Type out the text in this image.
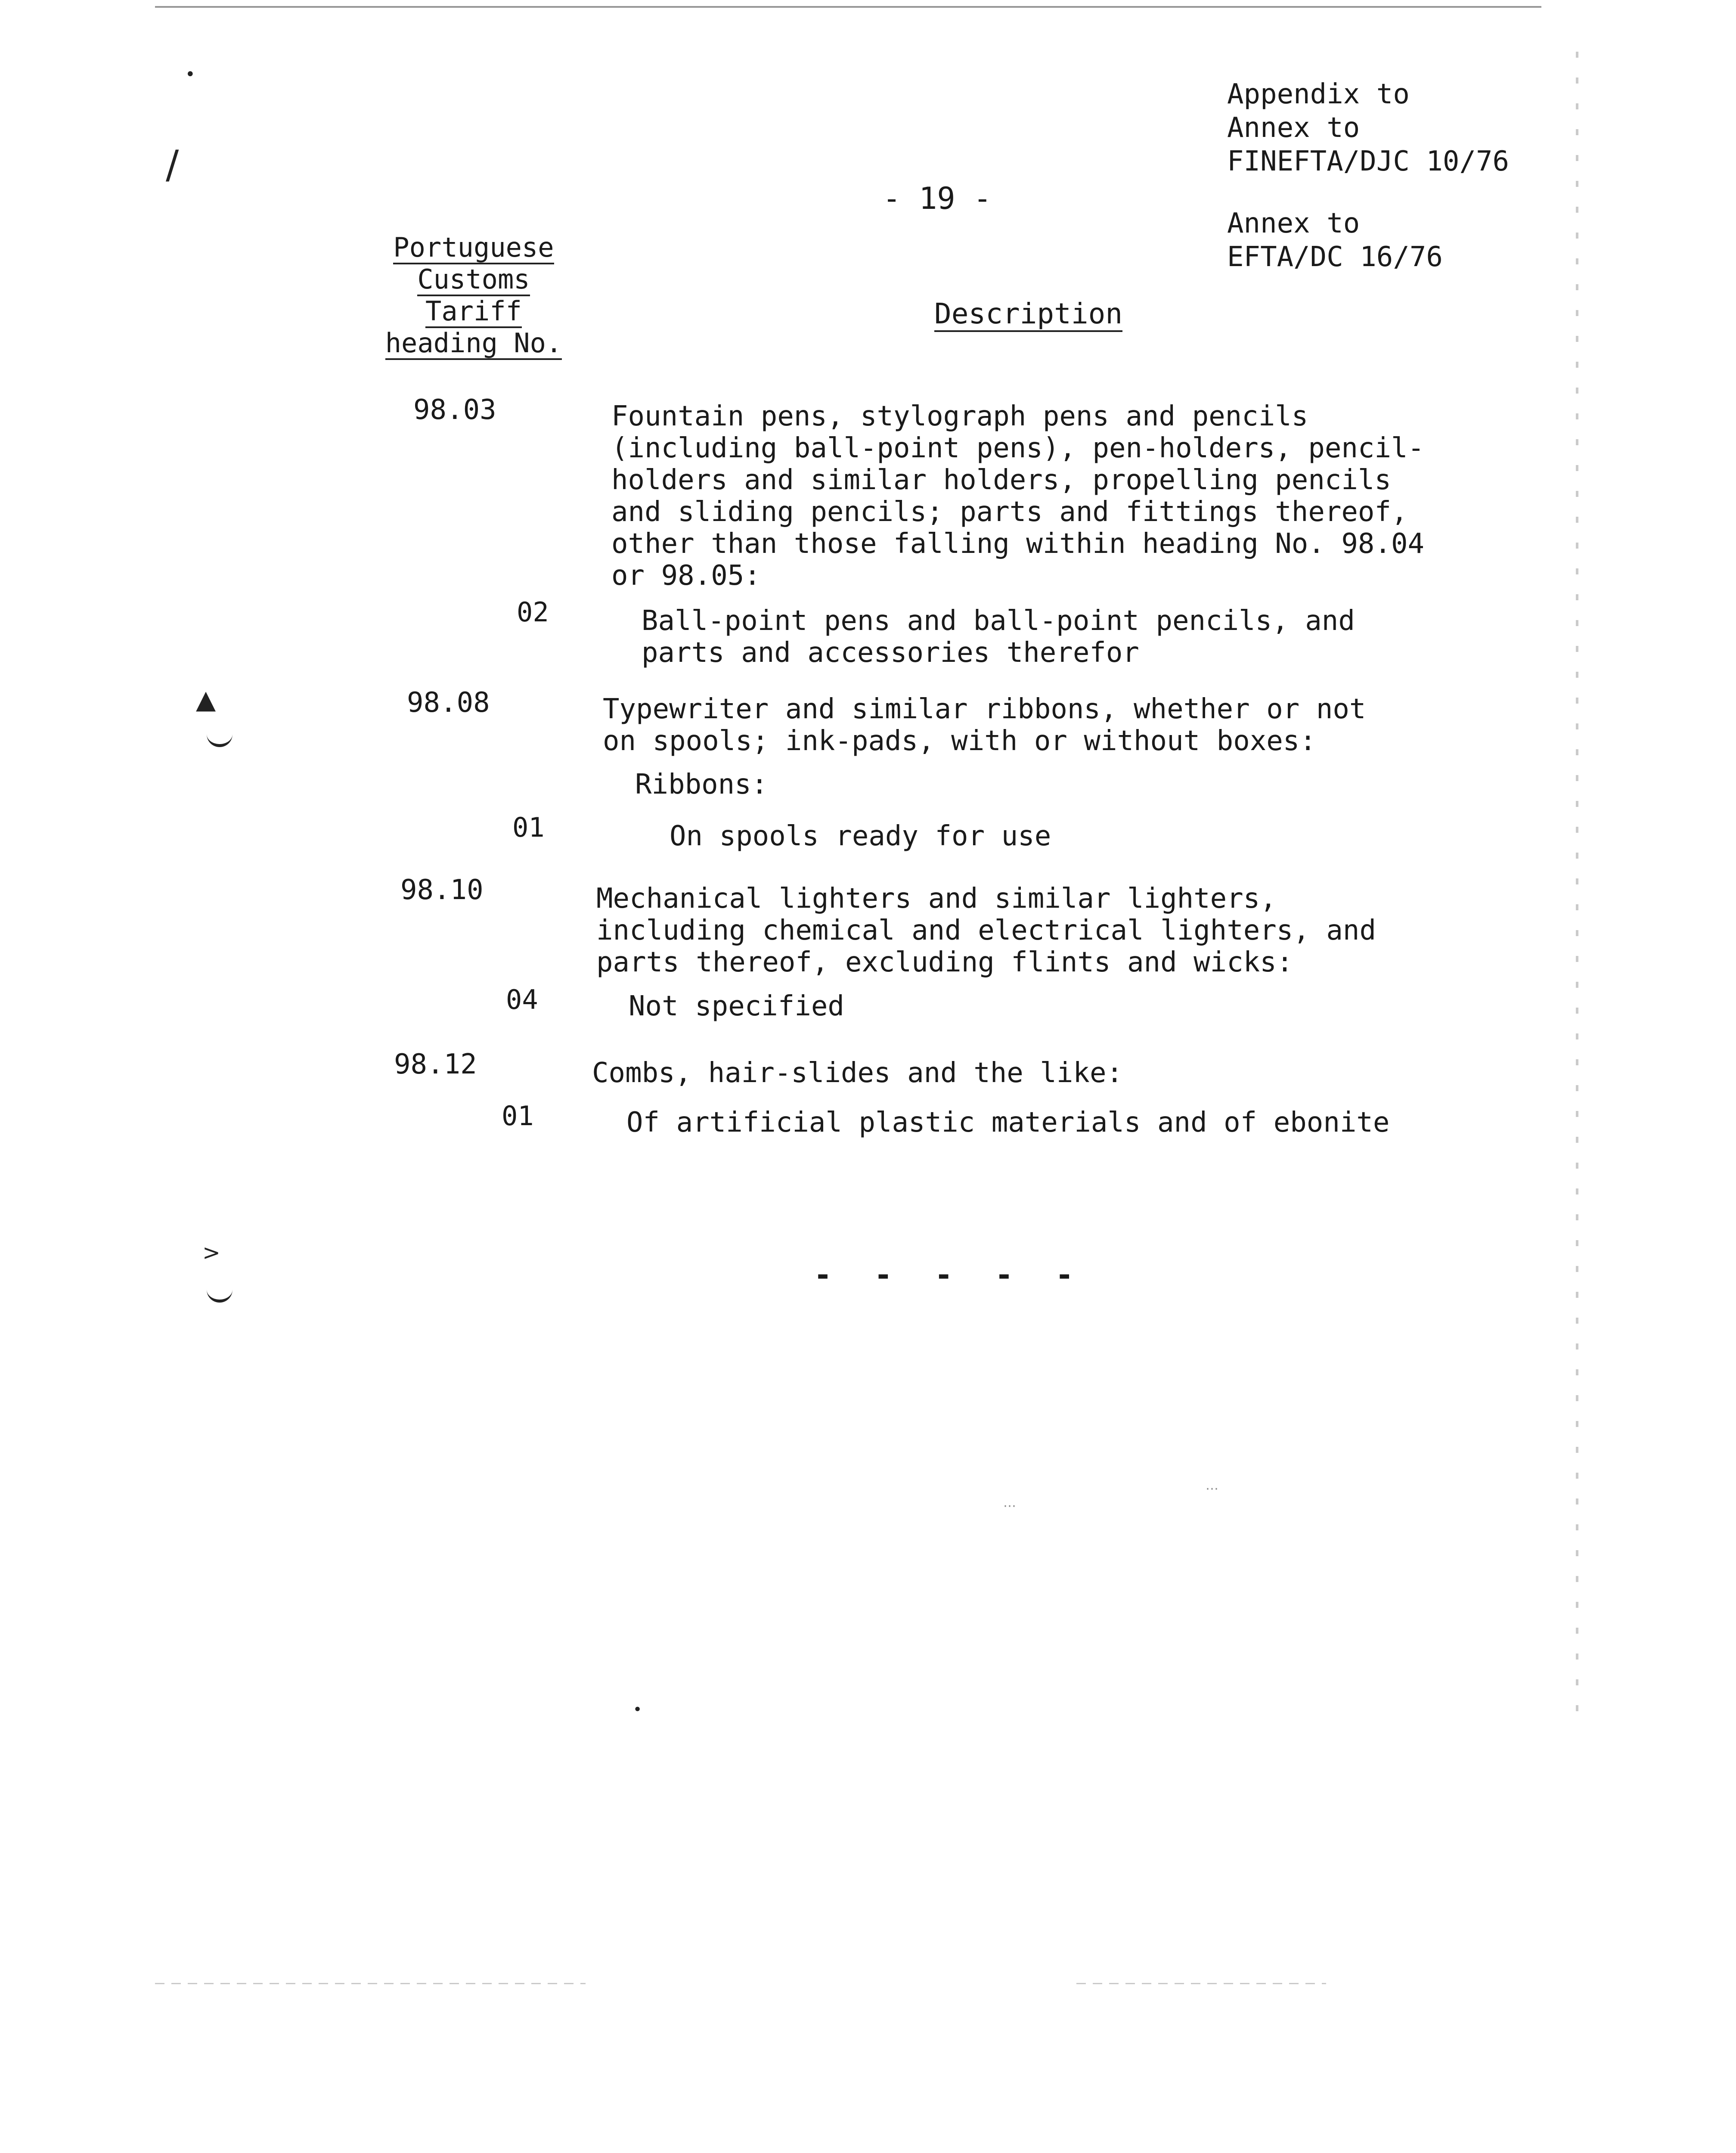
•
/
▲
>
Appendix to
Annex to
FINEFTA/DJC 10/76
Annex to
EFTA/DC 16/76
- 19 -
Portuguese
Customs
Tariff
heading No.
Description
98.03	Fountain pens, stylograph pens and pencils
(including ball-point pens), pen-holders, pencil-
holders and similar holders, propelling pencils
and sliding pencils; parts and fittings thereof,
other than those falling within heading No. 98.04
or 98.05:
02	Ball-point pens and ball-point pencils, and
parts and accessories therefor
98.08	Typewriter and similar ribbons, whether or not
on spools; ink-pads, with or without boxes:
Ribbons:
01	On spools ready for use
98.10	Mechanical lighters and similar lighters,
including chemical and electrical lighters, and
parts thereof, excluding flints and wicks:
04	Not specified
98.12	Combs, hair-slides and the like:
01	Of artificial plastic materials and of ebonite
- - - - -
⋯
⋯
•
